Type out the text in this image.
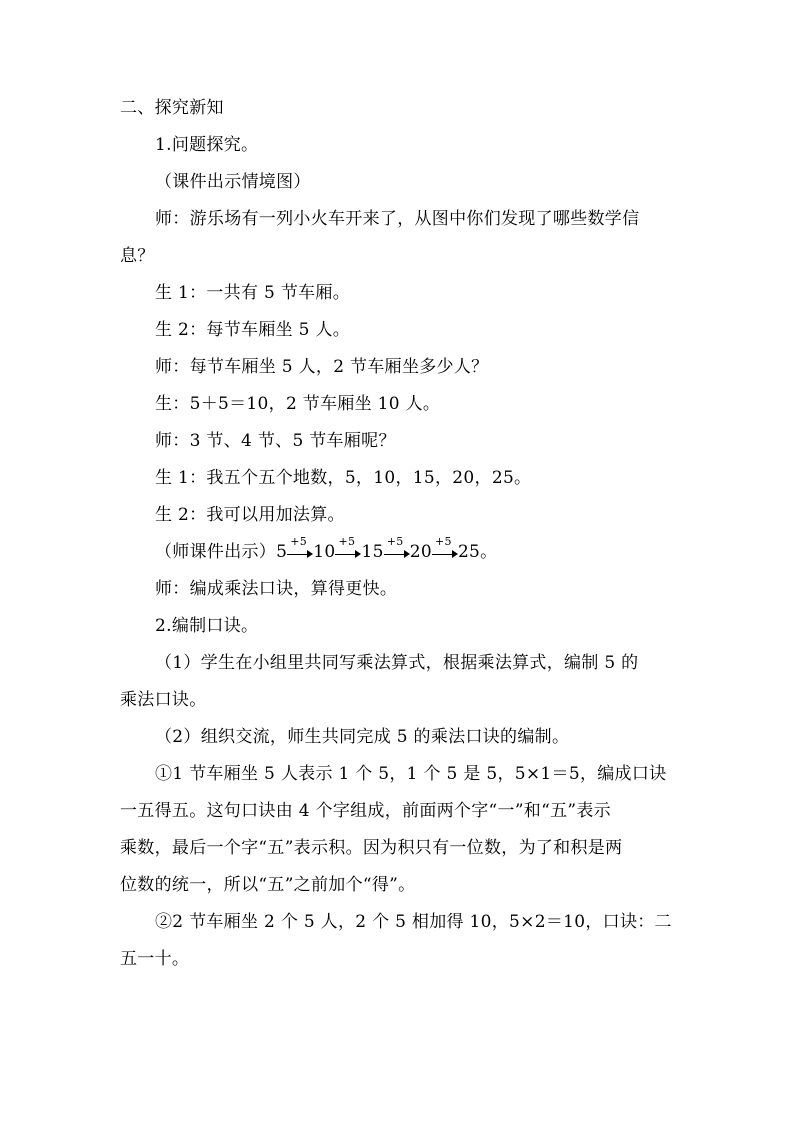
二、探究新知
1.问题探究。
（课件出示情境图）
师：游乐场有一列小火车开来了，从图中你们发现了哪些数学信
息？
生 1：一共有 5 节车厢。
生 2：每节车厢坐 5 人。
师：每节车厢坐 5 人，2 节车厢坐多少人？
生：5＋5＝10，2 节车厢坐 10 人。
师：3 节、4 节、5 节车厢呢？
生 1：我五个五个地数，5，10，15，20，25。
生 2：我可以用加法算。
（师课件出示） 5
+5
10
+5
15
+5
20
+5
25 。
师：编成乘法口诀，算得更快。
2.编制口诀。
（1）学生在小组里共同写乘法算式，根据乘法算式，编制 5 的
乘法口诀。
（2）组织交流，师生共同完成 5 的乘法口诀的编制。
①1 节车厢坐 5 人表示 1 个 5，1 个 5 是 5，5×1＝5，编成口诀
一五得五。这句口诀由 4 个字组成，前面两个字“一”和“五”表示
乘数，最后一个字“五”表示积。因为积只有一位数，为了和积是两
位数的统一，所以“五”之前加个“得”。
②2 节车厢坐 2 个 5 人，2 个 5 相加得 10，5×2＝10，口诀：二
五一十。
